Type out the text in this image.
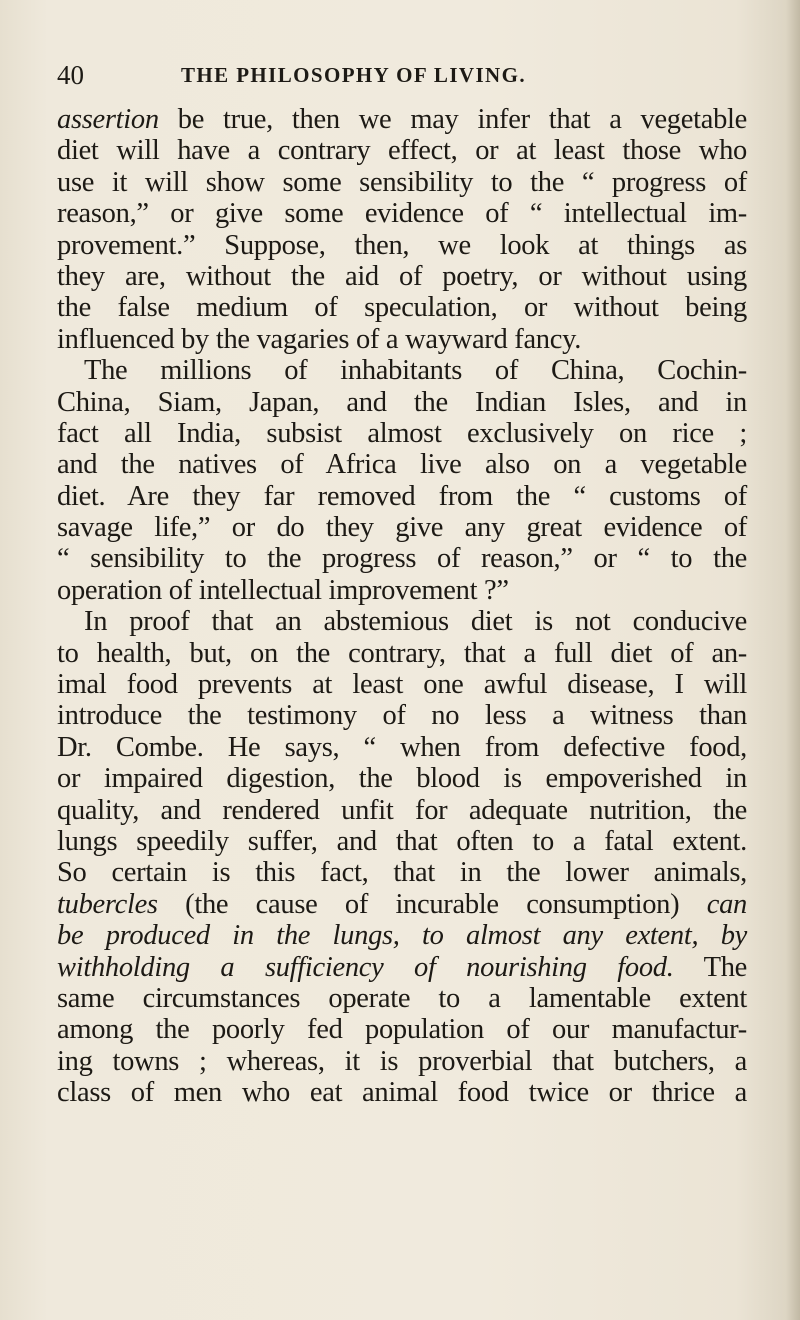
40	THE PHILOSOPHY OF LIVING.
assertion be true, then we may infer that a vegetable
diet will have a contrary effect, or at least those who
use it will show some sensibility to the “ progress of
reason,” or give some evidence of “ intellectual im-
provement.” Suppose, then, we look at things as
they are, without the aid of poetry, or without using
the false medium of speculation, or without being
influenced by the vagaries of a wayward fancy.
The millions of inhabitants of China, Cochin-
China, Siam, Japan, and the Indian Isles, and in
fact all India, subsist almost exclusively on rice ;
and the natives of Africa live also on a vegetable
diet. Are they far removed from the “ customs of
savage life,” or do they give any great evidence of
“ sensibility to the progress of reason,” or “ to the
operation of intellectual improvement ?”
In proof that an abstemious diet is not conducive
to health, but, on the contrary, that a full diet of an-
imal food prevents at least one awful disease, I will
introduce the testimony of no less a witness than
Dr. Combe. He says, “ when from defective food,
or impaired digestion, the blood is empoverished in
quality, and rendered unfit for adequate nutrition, the
lungs speedily suffer, and that often to a fatal extent.
So certain is this fact, that in the lower animals,
tubercles (the cause of incurable consumption) can
be produced in the lungs, to almost any extent, by
withholding a sufficiency of nourishing food. The
same circumstances operate to a lamentable extent
among the poorly fed population of our manufactur-
ing towns ; whereas, it is proverbial that butchers, a
class of men who eat animal food twice or thrice a
